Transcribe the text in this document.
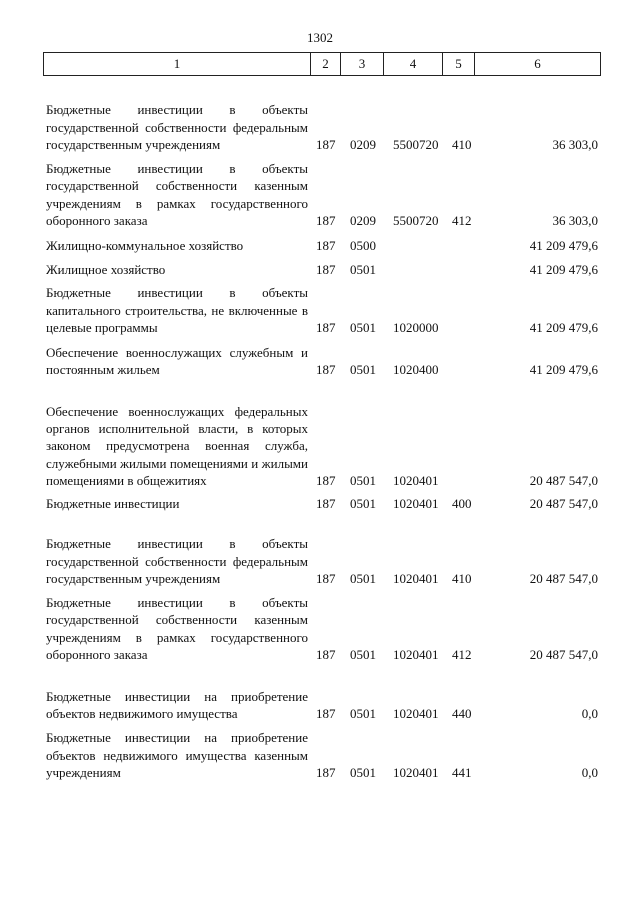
1302
1	2	3	4	5	6
Бюджетные инвестиции в объекты государственной собственности федеральным государственным учреждениям	187 0209 5500720 410	36 303,0
Бюджетные инвестиции в объекты государственной собственности казенным учреждениям в рамках государственного оборонного заказа	187 0209 5500720 412	36 303,0
Жилищно-коммунальное хозяйство	187 0500	41 209 479,6
Жилищное хозяйство	187 0501	41 209 479,6
Бюджетные инвестиции в объекты капитального строительства, не включенные в целевые программы	187 0501 1020000	41 209 479,6
Обеспечение военнослужащих служебным и постоянным жильем	187 0501 1020400	41 209 479,6
Обеспечение военнослужащих федеральных органов исполнительной власти, в которых законом предусмотрена военная служба, служебными жилыми помещениями и жилыми помещениями в общежитиях	187 0501 1020401	20 487 547,0
Бюджетные инвестиции	187 0501 1020401 400	20 487 547,0
Бюджетные инвестиции в объекты государственной собственности федеральным государственным учреждениям	187 0501 1020401 410	20 487 547,0
Бюджетные инвестиции в объекты государственной собственности казенным учреждениям в рамках государственного оборонного заказа	187 0501 1020401 412	20 487 547,0
Бюджетные инвестиции на приобретение объектов недвижимого имущества	187 0501 1020401 440	0,0
Бюджетные инвестиции на приобретение объектов недвижимого имущества казенным учреждениям	187 0501 1020401 441	0,0
